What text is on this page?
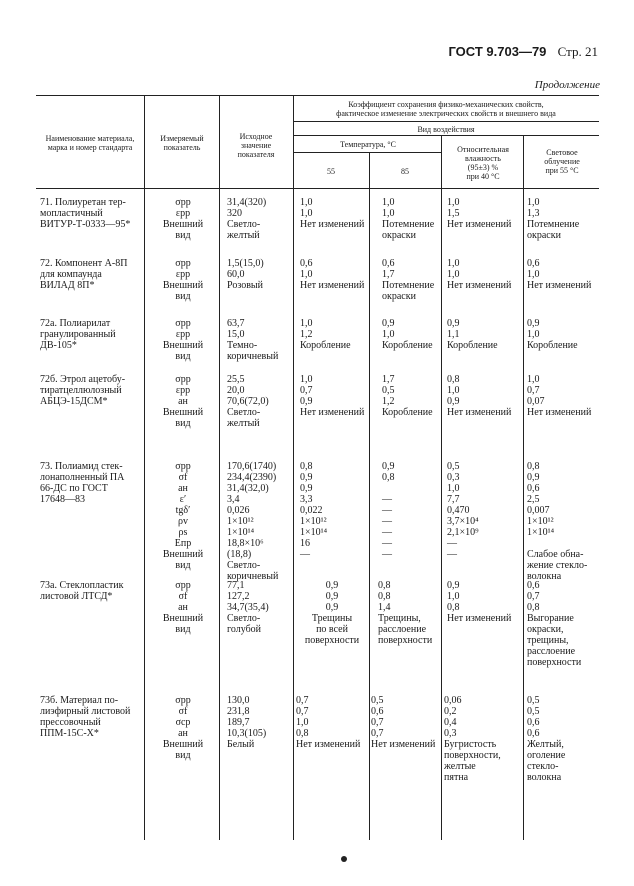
ГОСТ 9.703—79 Стр. 21
Продолжение
Наименование материала,
марка и номер стандарта
Измеряемый
показатель
Исходное
значение
показателя
Коэффициент сохранения физико-механических свойств,
фактическое изменение электрических свойств и внешнего вида
Вид воздействия
Температура, °С
55	85
Относительная
влажность
(95±3) %
при 40 °С
Световое
облучение
при 55 °С
71. Полиуретан тер-
мопластичный
ВИТУР-Т-0333—95*
σрр
εрр
Внешний
вид
31,4(320)
320
Светло-
желтый
1,0
1,0
Нет изменений
1,0
1,0
Потемнение
окраски
1,0
1,5
Нет изменений
1,0
1,3
Потемнение
окраски
72. Компонент А-8П
для компаунда
ВИЛАД 8П*
σрр
εрр
Внешний
вид
1,5(15,0)
60,0
Розовый
0,6
1,0
Нет изменений
0,6
1,7
Потемнение
окраски
1,0
1,0
Нет изменений
0,6
1,0
Нет изменений
72а. Полиарилат
гранулированный
ДВ-105*
σрр
εрр
Внешний
вид
63,7
15,0
Темно-
коричневый
1,0
1,2
Коробление
0,9
1,0
Коробление
0,9
1,1
Коробление
0,9
1,0
Коробление
72б. Этрол ацетобу-
тиратцеллюлозный
АБЦЭ-15ДСМ*
σрр
εрр
aн
Внешний
вид
25,5
20,0
70,6(72,0)
Светло-
желтый
1,0
0,7
0,9
Нет изменений
1,7
0,5
1,2
Коробление
0,8
1,0
0,9
Нет изменений
1,0
0,7
0,07
Нет изменений
73. Полиамид стек-
лонаполненный ПА
66-ДС по ГОСТ
17648—83
σрр
σf
aн
ε′
tgδ′
ρv
ρs
Eпр
Внешний
вид
170,6(1740)
234,4(2390)
31,4(32,0)
3,4
0,026
1×10¹²
1×10¹⁴
18,8×10⁶
(18,8)
Светло-
коричневый
0,8
0,9
0,9
3,3
0,022
1×10¹²
1×10¹⁴
16
—
0,9
0,8

—
—
—
—
—
—
0,5
0,3
1,0
7,7
0,470
3,7×10⁴
2,1×10⁹
—
—
0,8
0,9
0,6
2,5
0,007
1×10¹²
1×10¹⁴

Слабое обна-
жение стекло-
волокна
73а. Стеклопластик
листовой ЛТСД*
σрр
σf
aн
Внешний
вид
77,1
127,2
34,7(35,4)
Светло-
голубой
0,9
0,9
0,9
Трещины
по всей
поверхности
0,8
0,8
1,4
Трещины,
расслоение
поверхности
0,9
1,0
0,8
Нет изменений
0,6
0,7
0,8
Выгорание
окраски,
трещины,
расслоение
поверхности
73б. Материал по-
лиэфирный листовой
прессовочный
ППМ-15С-Х*
σрр
σf
σср
aн
Внешний
вид
130,0
231,8
189,7
10,3(105)
Белый
0,7
0,7
1,0
0,8
Нет изменений
0,5
0,6
0,7
0,7
Нет изменений
0,06
0,2
0,4
0,3
Бугристость
поверхности,
желтые
пятна
0,5
0,5
0,6
0,6
Желтый,
оголение
стекло-
волокна
